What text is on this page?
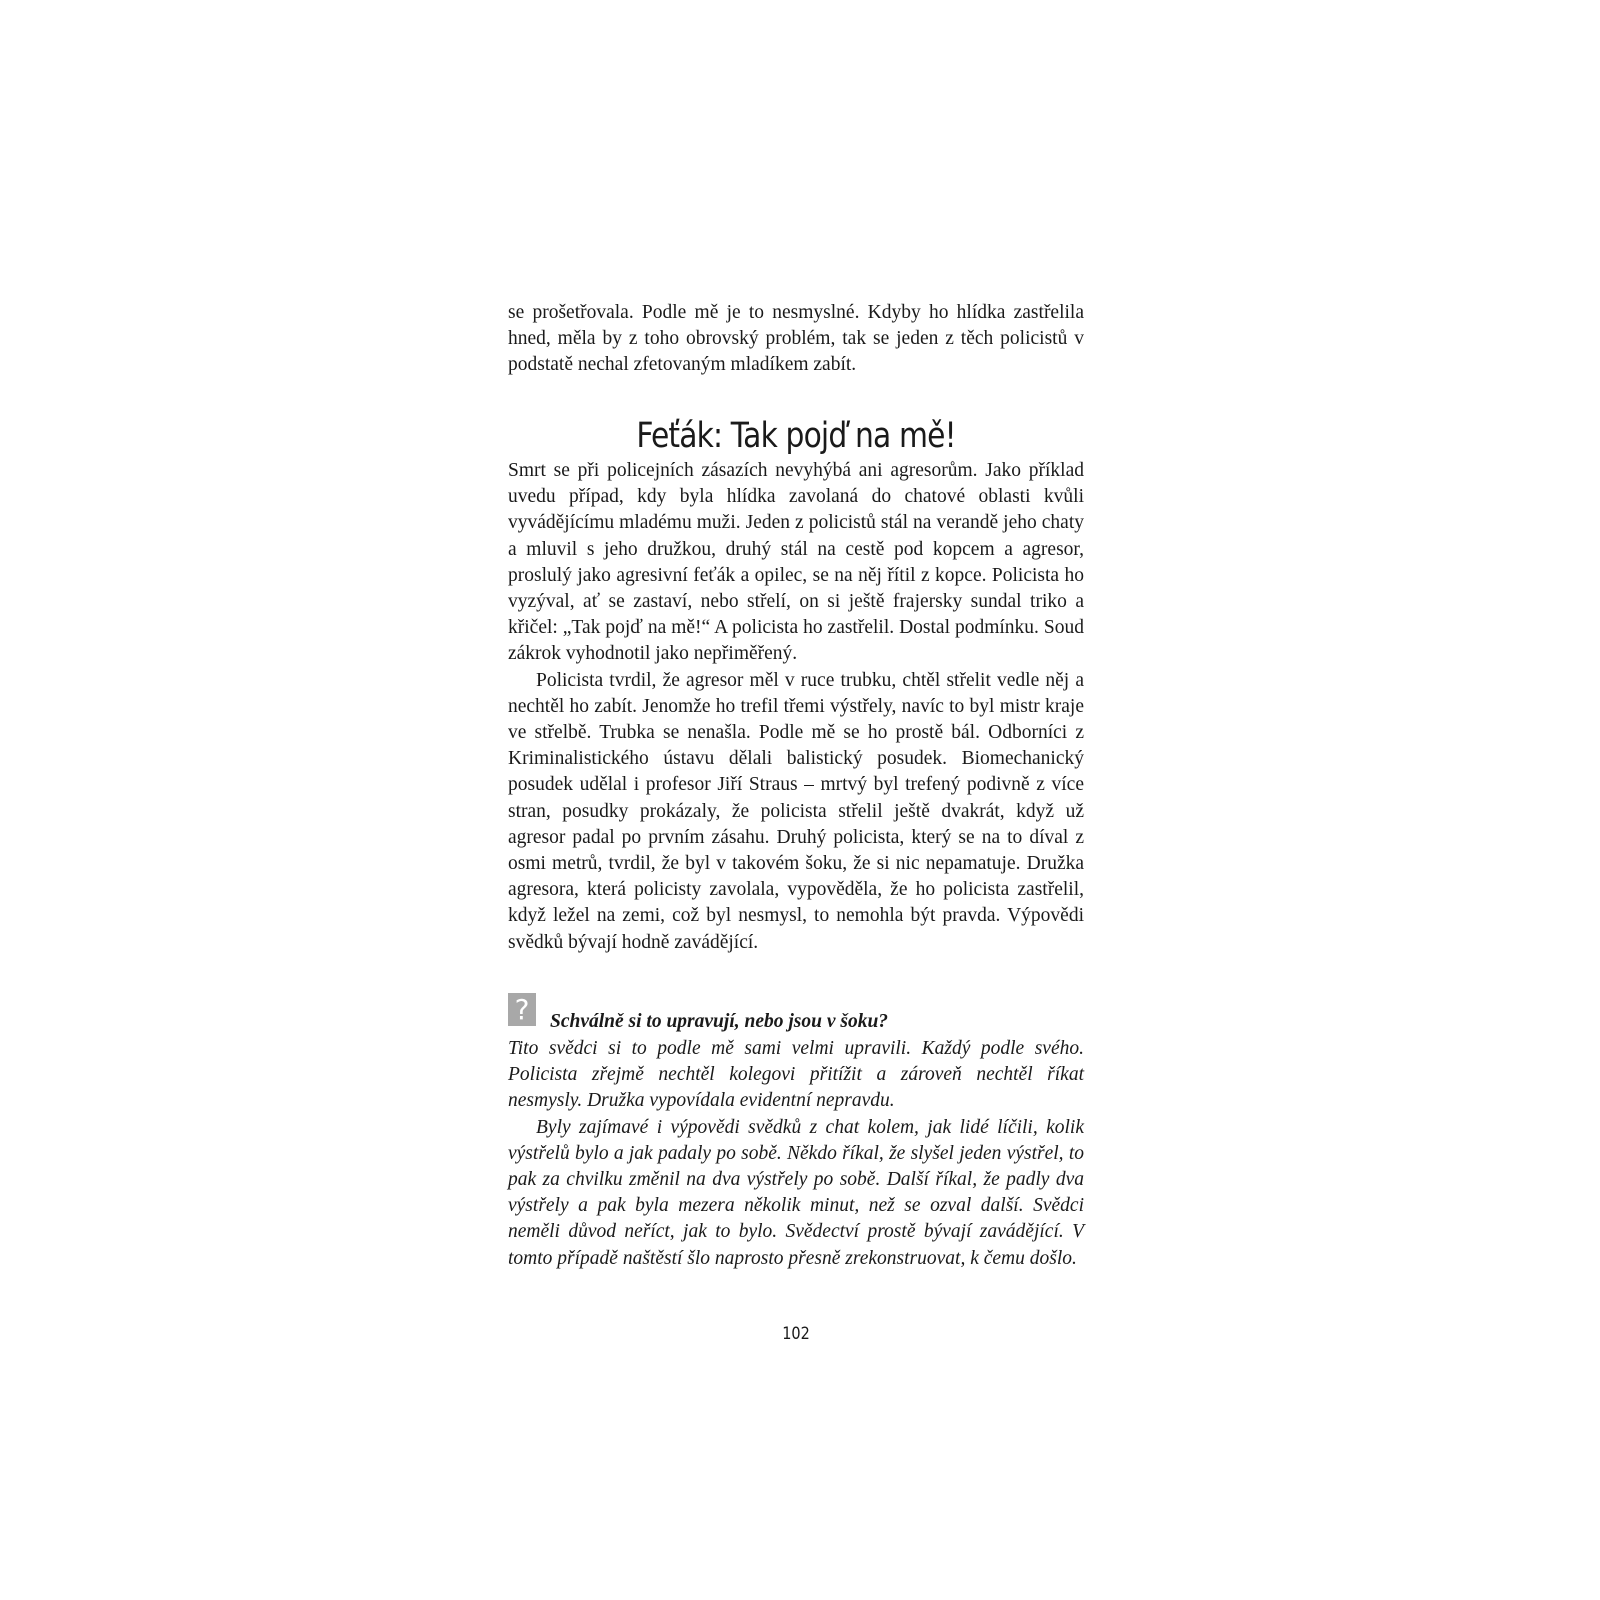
se prošetřovala. Podle mě je to nesmyslné. Kdyby ho hlídka zastřelila hned, měla by z toho obrovský problém, tak se jeden z těch policistů v podstatě nechal zfetovaným mladíkem zabít.

Feťák: Tak pojď na mě!

Smrt se při policejních zásazích nevyhýbá ani agresorům. Jako příklad uvedu případ, kdy byla hlídka zavolaná do chatové oblasti kvůli vyvádějícímu mladému muži. Jeden z policistů stál na verandě jeho chaty a mluvil s jeho družkou, druhý stál na cestě pod kopcem a agresor, proslulý jako agresivní feťák a opilec, se na něj řítil z kopce. Policista ho vyzýval, ať se zastaví, nebo střelí, on si ještě frajersky sundal triko a křičel: „Tak pojď na mě!“ A policista ho zastřelil. Dostal podmínku. Soud zákrok vyhodnotil jako nepřiměřený.

Policista tvrdil, že agresor měl v ruce trubku, chtěl střelit vedle něj a nechtěl ho zabít. Jenomže ho trefil třemi výstřely, navíc to byl mistr kraje ve střelbě. Trubka se nenašla. Podle mě se ho prostě bál. Odborníci z Kriminalistického ústavu dělali balistický posudek. Biomechanický posudek udělal i profesor Jiří Straus – mrtvý byl trefený podivně z více stran, posudky prokázaly, že policista střelil ještě dvakrát, když už agresor padal po prvním zásahu. Druhý policista, který se na to díval z osmi metrů, tvrdil, že byl v takovém šoku, že si nic nepamatuje. Družka agresora, která policisty zavolala, vypověděla, že ho policista zastřelil, když ležel na zemi, což byl nesmysl, to nemohla být pravda. Výpovědi svědků bývají hodně zavádějící.

?	Schválně si to upravují, nebo jsou v šoku?

Tito svědci si to podle mě sami velmi upravili. Každý podle svého. Policista zřejmě nechtěl kolegovi přitížit a zároveň nechtěl říkat nesmysly. Družka vypovídala evidentní nepravdu.

Byly zajímavé i výpovědi svědků z chat kolem, jak lidé líčili, kolik výstřelů bylo a jak padaly po sobě. Někdo říkal, že slyšel jeden výstřel, to pak za chvilku změnil na dva výstřely po sobě. Další říkal, že padly dva výstřely a pak byla mezera několik minut, než se ozval další. Svědci neměli důvod neříct, jak to bylo. Svědectví prostě bývají zavádějící. V tomto případě naštěstí šlo naprosto přesně zrekonstruovat, k čemu došlo.

102
